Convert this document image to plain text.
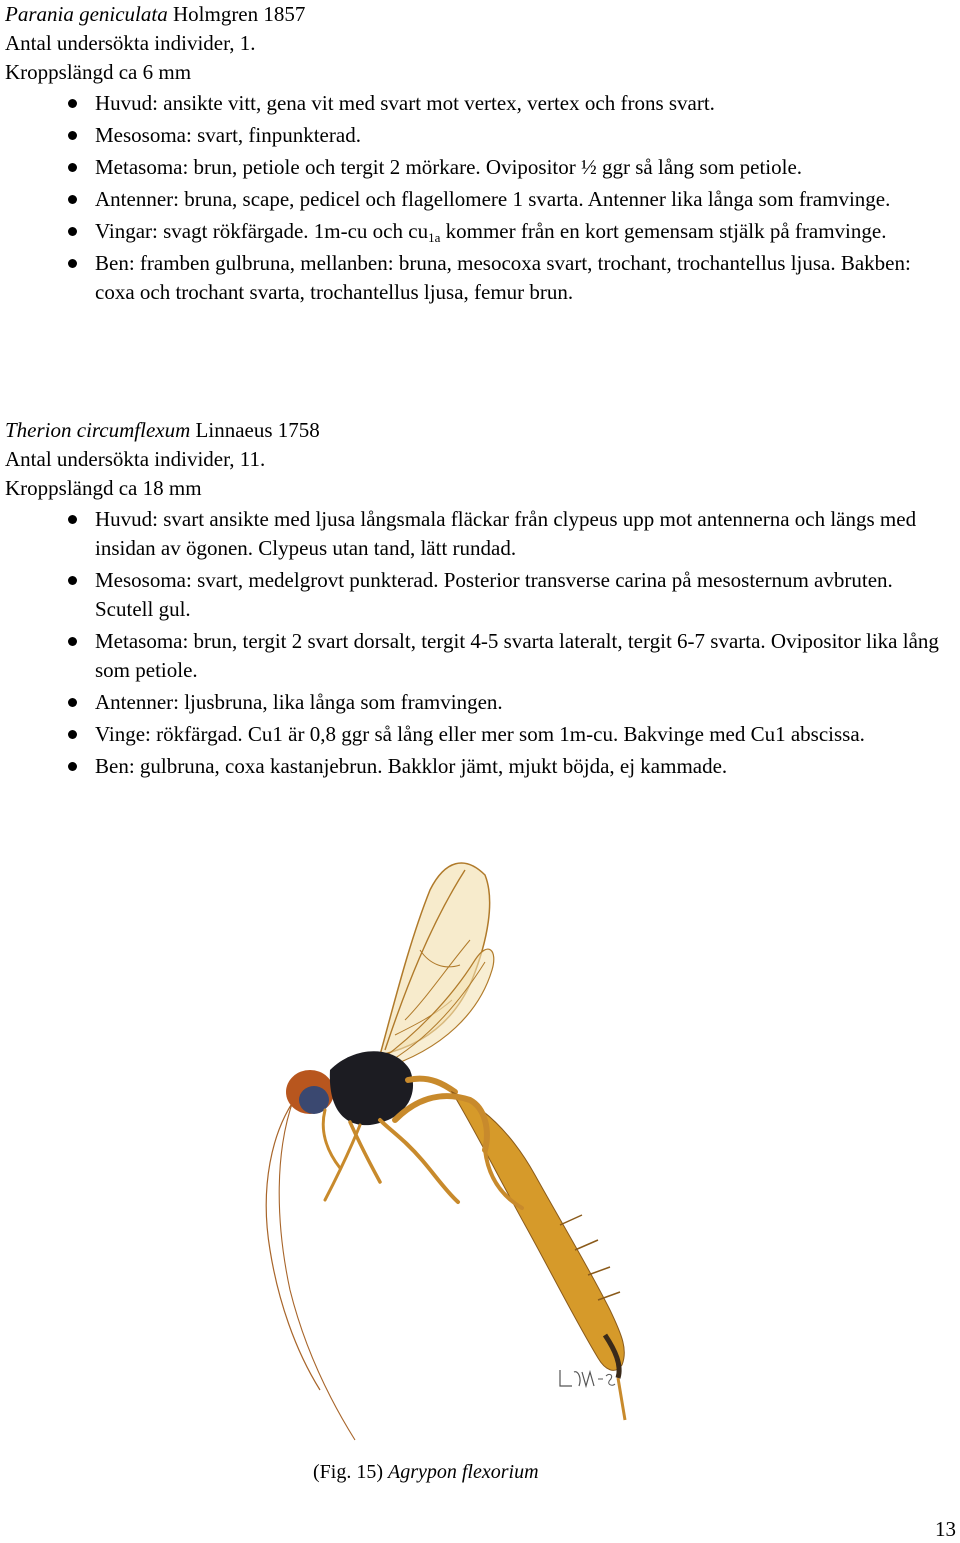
Parania geniculata Holmgren 1857
Antal undersökta individer, 1.
Kroppslängd ca 6 mm
Huvud: ansikte vitt, gena vit med svart mot vertex, vertex och frons svart.
Mesosoma: svart, finpunkterad.
Metasoma: brun, petiole och tergit 2 mörkare. Ovipositor ½ ggr så lång som petiole.
Antenner: bruna, scape, pedicel och flagellomere 1 svarta. Antenner lika långa som framvinge.
Vingar: svagt rökfärgade. 1m-cu och $cu_{1a}$ kommer från en kort gemensam stjälk på framvinge.
Ben: framben gulbruna, mellanben: bruna, mesocoxa svart, trochant, trochantellus ljusa. Bakben: coxa och trochant svarta, trochantellus ljusa, femur brun.
Therion circumflexum Linnaeus 1758
Antal undersökta individer, 11.
Kroppslängd ca 18 mm
Huvud: svart ansikte med ljusa långsmala fläckar från clypeus upp mot antennerna och längs med insidan av ögonen. Clypeus utan tand, lätt rundad.
Mesosoma: svart, medelgrovt punkterad. Posterior transverse carina på mesosternum avbruten. Scutell gul.
Metasoma: brun, tergit 2 svart dorsalt, tergit 4-5 svarta lateralt, tergit 6-7 svarta. Ovipositor lika lång som petiole.
Antenner: ljusbruna, lika långa som framvingen.
Vinge: rökfärgad. Cu1 är 0,8 ggr så lång eller mer som 1m-cu. Bakvinge med Cu1 abscissa.
Ben: gulbruna, coxa kastanjebrun. Bakklor jämt, mjukt böjda, ej kammade.
(Fig. 15) Agrypon flexorium
13
